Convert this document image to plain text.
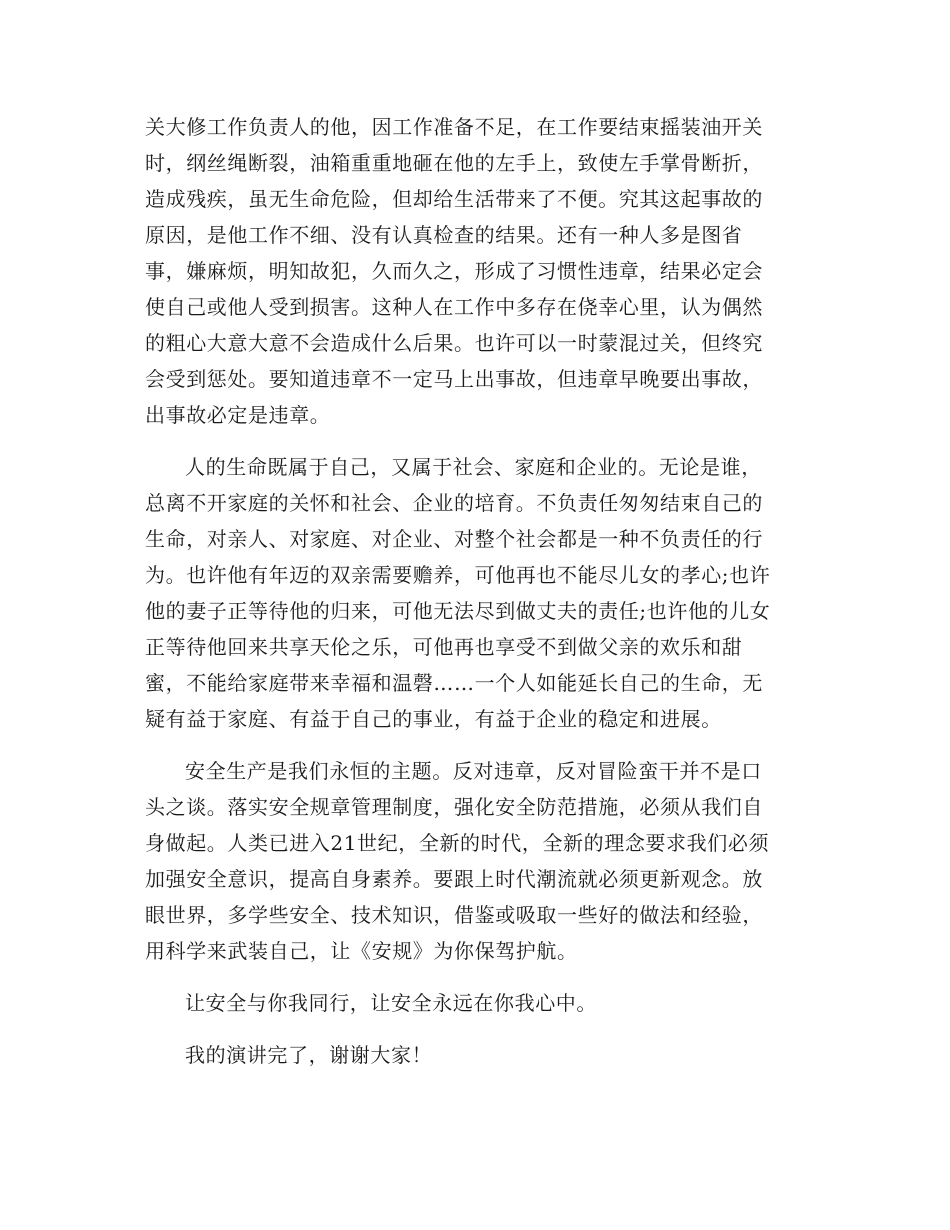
关大修工作负责人的他，因工作准备不足，在工作要结束摇装油开关
时，纲丝绳断裂，油箱重重地砸在他的左手上，致使左手掌骨断折，
造成残疾，虽无生命危险，但却给生活带来了不便。究其这起事故的
原因，是他工作不细、没有认真检查的结果。还有一种人多是图省
事，嫌麻烦，明知故犯，久而久之，形成了习惯性违章，结果必定会
使自己或他人受到损害。这种人在工作中多存在侥幸心里，认为偶然
的粗心大意大意不会造成什么后果。也许可以一时蒙混过关，但终究
会受到惩处。要知道违章不一定马上出事故，但违章早晚要出事故，
出事故必定是违章。
人的生命既属于自己，又属于社会、家庭和企业的。无论是谁，
总离不开家庭的关怀和社会、企业的培育。不负责任匆匆结束自己的
生命，对亲人、对家庭、对企业、对整个社会都是一种不负责任的行
为。也许他有年迈的双亲需要赡养，可他再也不能尽儿女的孝心;也许
他的妻子正等待他的归来，可他无法尽到做丈夫的责任;也许他的儿女
正等待他回来共享天伦之乐，可他再也享受不到做父亲的欢乐和甜
蜜，不能给家庭带来幸福和温磬……一个人如能延长自己的生命，无
疑有益于家庭、有益于自己的事业，有益于企业的稳定和进展。
安全生产是我们永恒的主题。反对违章，反对冒险蛮干并不是口
头之谈。落实安全规章管理制度，强化安全防范措施，必须从我们自
身做起。人类已进入21世纪，全新的时代，全新的理念要求我们必须
加强安全意识，提高自身素养。要跟上时代潮流就必须更新观念。放
眼世界，多学些安全、技术知识，借鉴或吸取一些好的做法和经验，
用科学来武装自己，让《安规》为你保驾护航。
让安全与你我同行，让安全永远在你我心中。
我的演讲完了，谢谢大家！
